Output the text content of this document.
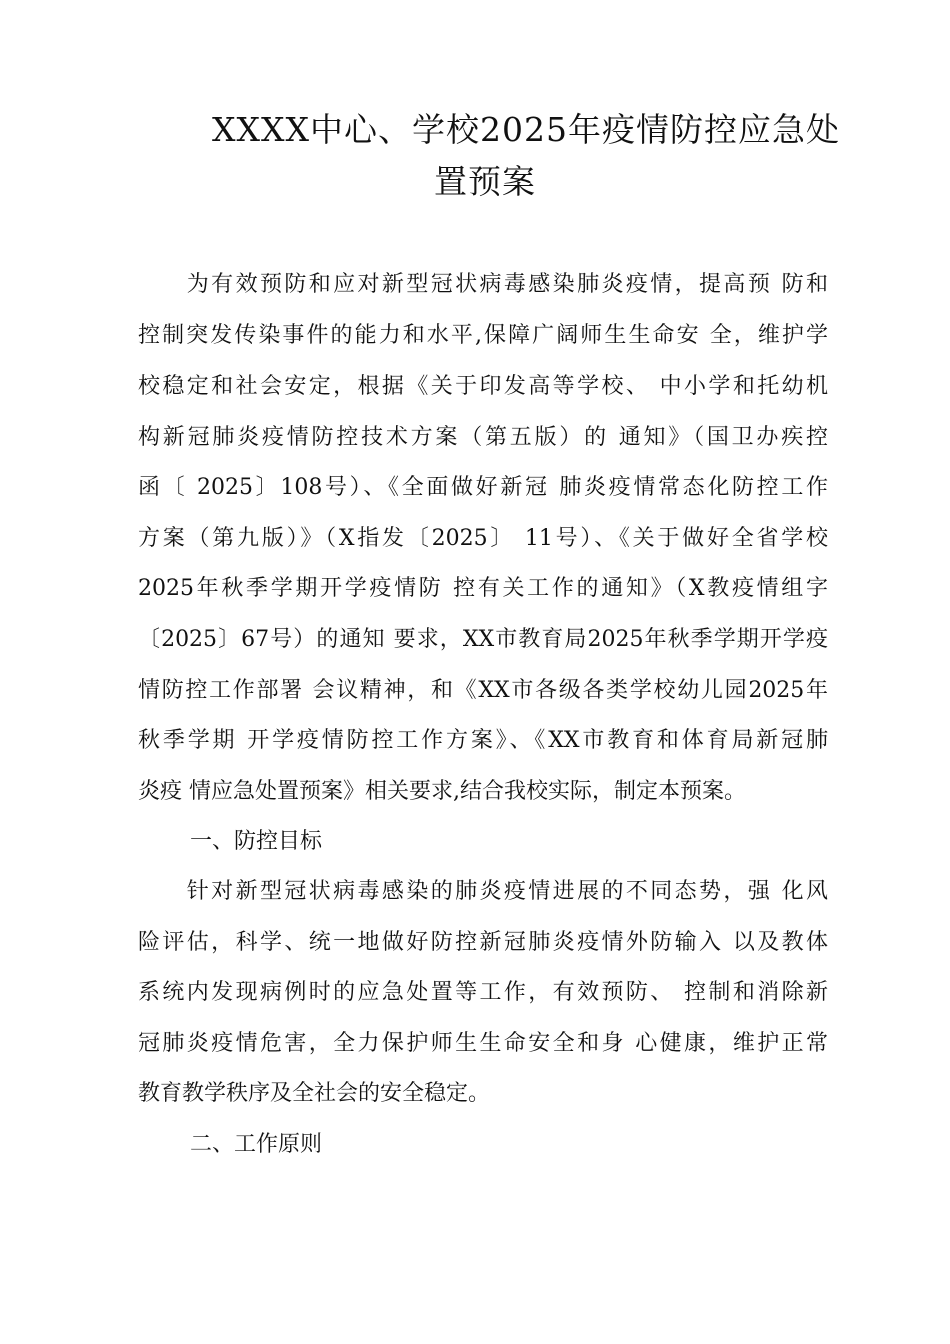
XXXX中心、学校2025年疫情防控应急处
置预案
　　为有效预防和应对新型冠状病毒感染肺炎疫情，提高预 防和
控制突发传染事件的能力和水平,保障广阔师生生命安 全，维护学
校稳定和社会安定，根据《关于印发高等学校、 中小学和托幼机
构新冠肺炎疫情防控技术方案（第五版）的 通知》（国卫办疾控
函〔 2025〕108号）、《全面做好新冠 肺炎疫情常态化防控工作
方案（第九版）》（X指发〔2025〕 11号）、《关于做好全省学校
2025年秋季学期开学疫情防 控有关工作的通知》（X教疫情组字
〔2025〕67号）的通知 要求，XX市教育局2025年秋季学期开学疫
情防控工作部署 会议精神，和《XX市各级各类学校幼儿园2025年
秋季学期 开学疫情防控工作方案》、《XX市教育和体育局新冠肺
炎疫 情应急处置预案》相关要求,结合我校实际，制定本预案。
一、防控目标
　　针对新型冠状病毒感染的肺炎疫情进展的不同态势，强 化风
险评估，科学、统一地做好防控新冠肺炎疫情外防输入 以及教体
系统内发现病例时的应急处置等工作，有效预防、 控制和消除新
冠肺炎疫情危害，全力保护师生生命安全和身 心健康，维护正常
教育教学秩序及全社会的安全稳定。
二、工作原则
